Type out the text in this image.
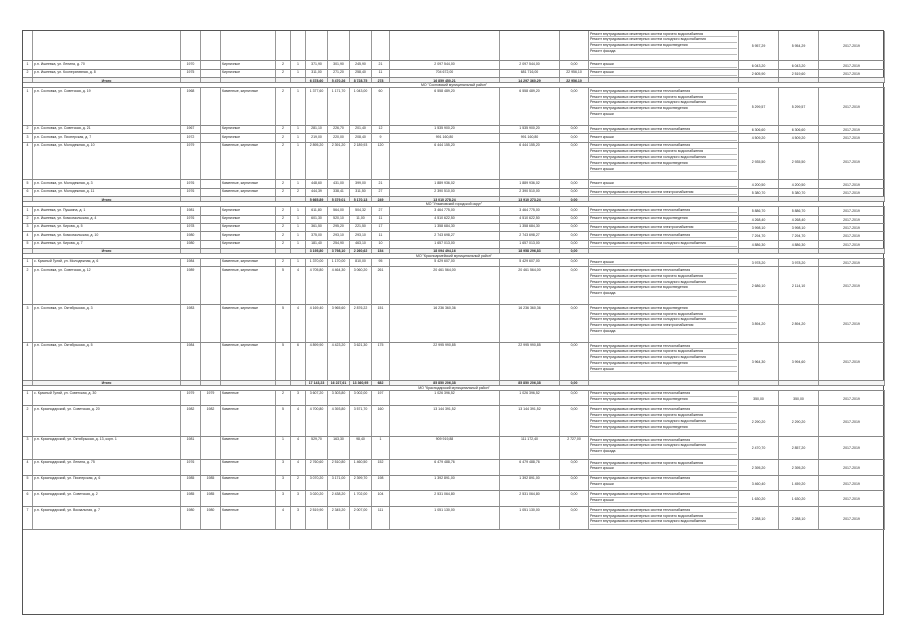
Ремонт внутридомовых инженерных систем горячего водоснабжения
Ремонт внутридомовых инженерных систем холодного водоснабжения
Ремонт внутридомовых инженерных систем водоотведения
Ремонт фасада
5 957,29	5 954,29	2017-2019
1	р.п. Ишеевка, ул. Ленина, д. 70	1970	Кирпичные	2	1	371,90	301,90	245,90	21	2 097 544,00	2 097 544,00	0,00	Ремонт крыши	6 043,20	6 043,20	2017-2019
2	р.п. Ишеевка, ул. Кооперативная, д. 8	1975	Кирпичные	2	1	311,00	271,20	258,40	11	704 672,00	681 716,00	22 956,10	Ремонт крыши	2 605,90	2 519,60	2017-2019
Итого	6 378,60	5 470,26	8 728,75	278	16 859 450,21	14 297 360,29	22 956,10
МО "Сосновский муниципальный район"
1	р.п. Сосновка, ул. Советская, д. 19	1968	Каменные, кирпичные	2	1	1 377,60	1 171,70	1 043,00	60	6 558 489,20	6 558 489,20	0,00	Ремонт внутридомовых инженерных систем теплоснабжения
Ремонт внутридомовых инженерных систем горячего водоснабжения
Ремонт внутридомовых инженерных систем холодного водоснабжения
Ремонт внутридомовых инженерных систем водоотведения
Ремонт крыши
5 299,57	5 299,57	2017-2019
2	р.п. Сосновка, ул. Советская, д. 21	1967	Кирпичные	2	1	281,10	226,70	201,40	12	1 535 900,20	1 535 900,20	0,00	Ремонт внутридомовых инженерных систем теплоснабжения	6 306,60	6 306,60	2017-2019
3	р.п. Сосновка, ул. Пионерская, д. 7	1972	Кирпичные	2	1	219,00	220,00	208,40	9	991 160,80	991 160,80	0,00	Ремонт крыши	4 509,20	4 509,20	2017-2019
4	р.п. Сосновка, ул. Молодежная, д. 10	1979	Каменные, кирпичные	2	1	2 895,20	2 391,20	2 189,93	120	6 444 155,20	6 444 155,20	0,00	Ремонт внутридомовых инженерных систем теплоснабжения
Ремонт внутридомовых инженерных систем горячего водоснабжения
Ремонт внутридомовых инженерных систем холодного водоснабжения
Ремонт внутридомовых инженерных систем водоотведения
Ремонт крыши
2 935,50	2 935,50	2017-2019
5	р.п. Сосновка, ул. Молодежная, д. 3	1976	Каменные, кирпичные	2	1	448,60	431,00	399,00	21	1 889 936,02	1 889 936,02	0,00	Ремонт крыши	4 200,50	4 200,50	2017-2019
6	р.п. Сосновка, ул. Молодежная, д. 11	1976	Каменные, кирпичные	2	2	444,39	338,41	311,50	27	2 390 510,00	2 390 510,00	0,00	Ремонт внутридомовых инженерных систем электроснабжения	5 380,70	5 380,70	2017-2019
Итого	5 665,89	5 379,01	5 170,13	249	13 010 278,24	13 910 273,24	0,00
МО "Ульяновский городской округ"
1	р.п. Ишеевка, ул. Пушкина, д. 1	1981	Кирпичные	2	1	611,80	564,00	504,32	27	3 464 775,00	3 464 775,00	0,00	Ремонт внутридомовых инженерных систем теплоснабжения	5 886,70	5 886,70	2017-2019
2	р.п. Ишеевка, ул. Комсомольская, д. 4	1976	Кирпичные	2	1	601,30	520,10	11,00	11	4 510 622,50	4 510 622,50	0,00	Ремонт внутридомовых инженерных систем водоотведения	4 268,40	4 268,40	2017-2019
3	р.п. Ишеевка, ул. Кирова, д. 5	1978	Кирпичные	2	1	361,50	295,20	221,50	17	1 358 684,30	1 358 684,30	0,00	Ремонт внутридомовых инженерных систем электроснабжения	3 998,10	3 998,10	2017-2019
4	р.п. Ишеевка, ул. Комсомольская, д. 10	1980	Кирпичные	2	1	375,00	293,10	293,10	11	2 743 698,27	2 743 698,27	0,00	Ремонт внутридомовых инженерных систем теплоснабжения	7 294,70	7 294,70	2017-2019
5	р.п. Ишеевка, ул. Кирова, д. 7	1980	Кирпичные	2	1	181,40	254,90	463,10	10	1 657 013,00	1 657 013,00	0,00	Ремонт внутридомовых инженерных систем холодного водоснабжения	4 886,30	4 886,30	2017-2019
Итого	3 195,80	3 798,10	2 260,62	154	18 094 494,16	18 958 296,83	0,00
МО "Красноармейский муниципальный район"
1	с. Красный Гуляй, ул. Молодежная, д. 6	1984	Каменные, кирпичные	2	1	1 370,00	1 170,00	810,00	95	5 429 607,00	5 429 607,00	0,00	Ремонт крыши	3 978,20	3 978,20	2017-2019
2	р.п. Сосновка, ул. Советская, д. 12	1989	Каменные, кирпичные	5	4	4 705,80	4 464,30	3 060,20	261	20 461 564,00	20 461 564,00	0,00	Ремонт внутридомовых инженерных систем теплоснабжения
Ремонт внутридомовых инженерных систем горячего водоснабжения
Ремонт внутридомовых инженерных систем холодного водоснабжения
Ремонт внутридомовых инженерных систем водоотведения
Ремонт фасада
2 686,10	2 114,10	2017-2019
3	р.п. Сосновка, ул. Октябрьская, д. 3	1983	Каменные, кирпичные	5	4	4 169,40	3 965,60	2 876,22	151	16 236 360,36	16 236 360,36	0,00	Ремонт внутридомовых инженерных систем водоотведения
Ремонт внутридомовых инженерных систем горячего водоснабжения
Ремонт внутридомовых инженерных систем холодного водоснабжения
Ремонт внутридомовых инженерных систем электроснабжения
Ремонт фасада
3 894,20	2 894,20	2017-2019
4	р.п. Сосновка, ул. Октябрьская, д. 5	1984	Каменные, кирпичные	5	6	4 899,90	4 423,20	3 621,30	175	22 995 990,85	22 995 990,85	0,00	Ремонт внутридомовых инженерных систем теплоснабжения
Ремонт внутридомовых инженерных систем горячего водоснабжения
Ремонт внутридомовых инженерных систем холодного водоснабжения
Ремонт внутридомовых инженерных систем водоотведения
Ремонт крыши
3 964,30	3 994,60	2017-2019
Итого	17 143,23	16 227,61	13 360,95	682	85 850 206,38	85 850 206,38	0,00
МО "Краснодарский муниципальный район"
1	с. Красный Гуляй, ул. Советская, д. 30	1979	1979	Каменные	2	3	3 607,20	3 303,80	3 002,00	197	1 026 396,52	1 026 396,52	0,00	Ремонт внутридомовых инженерных систем теплоснабжения
Ремонт внутридомовых инженерных систем водоотведения	350,00	350,00	2017-2019
2	р.п. Краснодарский, ул. Советская, д. 20	1982	1982	Каменные	5	4	4 700,80	4 393,80	3 571,70	160	13 144 391,52	13 144 391,52	0,00	Ремонт внутридомовых инженерных систем теплоснабжения
Ремонт внутридомовых инженерных систем горячего водоснабжения
Ремонт внутридомовых инженерных систем холодного водоснабжения
Ремонт внутридомовых инженерных систем водоотведения
2 290,20	2 290,20	2017-2019
3	р.п. Краснодарский, ул. Октябрьская, д. 13, корп. 1	1981	Каменные	1	4	529,70	163,30	98,40	1	909 919,88	111 172,40	2 727,00	Ремонт внутридомовых инженерных систем теплоснабжения
Ремонт внутридомовых инженерных систем холодного водоснабжения
Ремонт фасада
2 470,70	2 857,20	2017-2019
4	р.п. Краснодарский, ул. Ленина, д. 75	1976	Каменные	3	4	2 760,60	2 510,80	1 460,50	152	6 479 488,76	6 479 488,76	0,00	Ремонт внутридомовых инженерных систем горячего водоснабжения
Ремонт крыши	2 395,20	2 395,20	2017-2019
5	р.п. Краснодарский, ул. Пионерская, д. 6	1985	1985	Каменные	3	2	3 070,20	3 171,00	2 399,70	198	1 392 891,00	1 392 891,00	0,00	Ремонт внутридомовых инженерных систем теплоснабжения
Ремонт крыши	3 460,40	1 459,20	2017-2019
6	р.п. Краснодарский, ул. Советская, д. 2	1985	1985	Каменные	3	3	3 020,20	2 438,20	1 702,00	104	2 531 064,80	2 531 064,80	0,00	Ремонт внутридомовых инженерных систем теплоснабжения
Ремонт крыши	1 630,20	1 630,20	2017-2019
7	р.п. Краснодарский, ул. Вокзальная, д. 7	1980	1980	Каменные	4	3	2 519,90	2 345,20	2 007,00	111	1 051 130,00	1 051 130,00	0,00	Ремонт внутридомовых инженерных систем теплоснабжения
Ремонт внутридомовых инженерных систем горячего водоснабжения
Ремонт внутридомовых инженерных систем холодного водоснабжения
2 288,10	2 288,10	2017-2019
